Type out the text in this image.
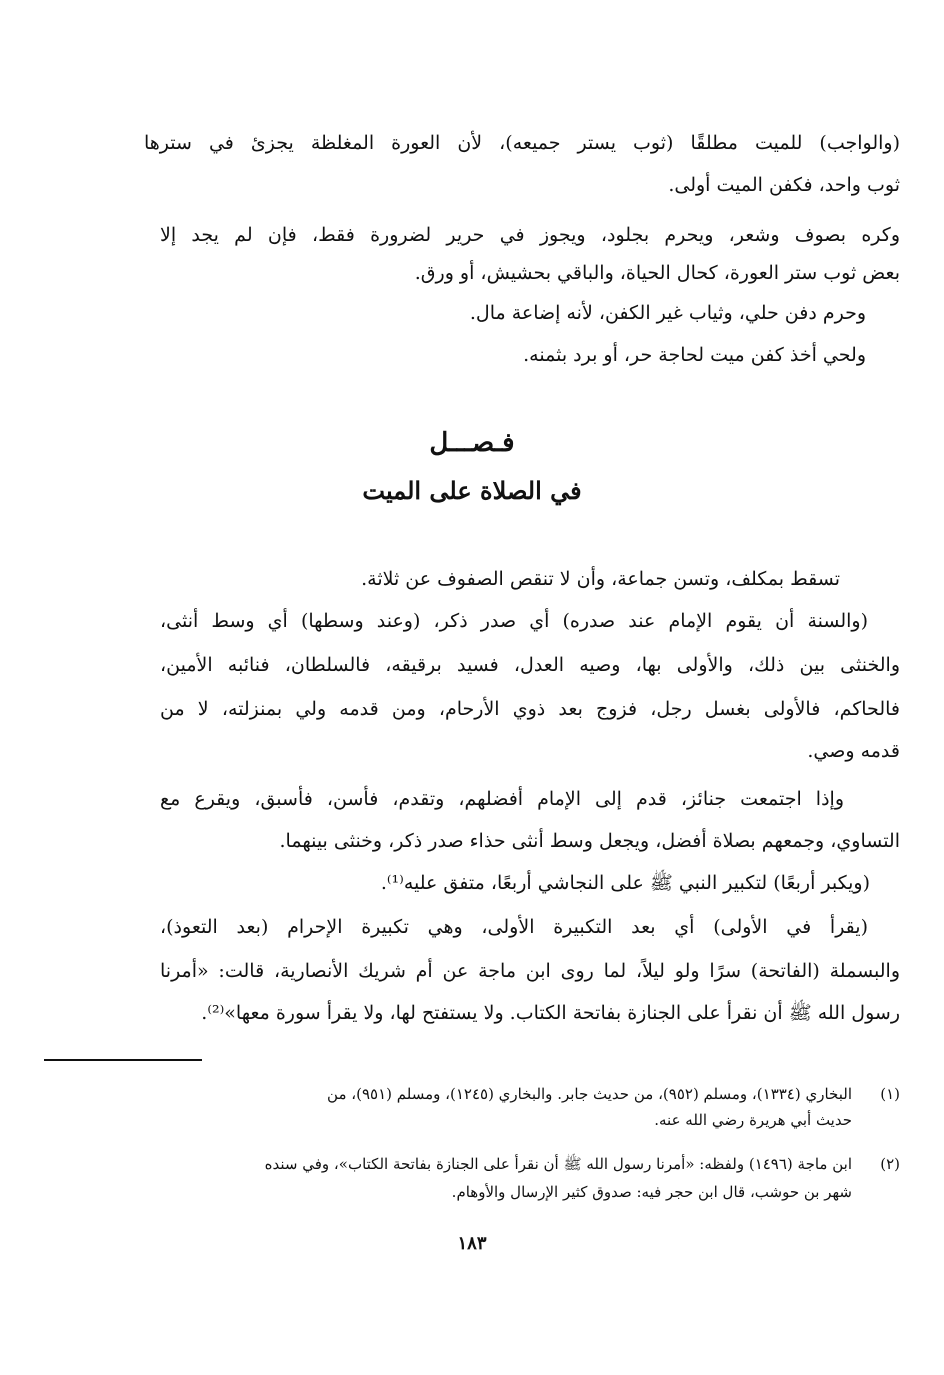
(والواجب) للميت مطلقًا (ثوب يستر جميعه)، لأن العورة المغلظة يجزئ في سترها
ثوب واحد، فكفن الميت أولى.
وكره بصوف وشعر، ويحرم بجلود، ويجوز في حرير لضرورة فقط، فإن لم يجد إلا
بعض ثوب ستر العورة، كحال الحياة، والباقي بحشيش، أو ورق.
وحرم دفن حلي، وثياب غير الكفن، لأنه إضاعة مال.
ولحي أخذ كفن ميت لحاجة حر، أو برد بثمنه.
فـصـــل
في الصلاة على الميت
تسقط بمكلف، وتسن جماعة، وأن لا تنقص الصفوف عن ثلاثة.
(والسنة أن يقوم الإمام عند صدره) أي صدر ذكر، (وعند وسطها) أي وسط أنثى،
والخنثى بين ذلك، والأولى بها، وصيه العدل، فسيد برقيقه، فالسلطان، فنائبه الأمين،
فالحاكم، فالأولى بغسل رجل، فزوج بعد ذوي الأرحام، ومن قدمه ولي بمنزلته، لا من
قدمه وصي.
وإذا اجتمعت جنائز، قدم إلى الإمام أفضلهم، وتقدم، فأسن، فأسبق، ويقرع مع
التساوي، وجمعهم بصلاة أفضل، ويجعل وسط أنثى حذاء صدر ذكر، وخنثى بينهما.
(ويكبر أربعًا) لتكبير النبي ﷺ على النجاشي أربعًا، متفق عليه⁽¹⁾.
(يقرأ في الأولى) أي بعد التكبيرة الأولى، وهي تكبيرة الإحرام (بعد التعوذ)،
والبسملة (الفاتحة) سرًا ولو ليلاً، لما روى ابن ماجة عن أم شريك الأنصارية، قالت: «أمرنا
رسول الله ﷺ أن نقرأ على الجنازة بفاتحة الكتاب. ولا يستفتح لها، ولا يقرأ سورة معها»⁽²⁾.
(١)
البخاري (١٣٣٤)، ومسلم (٩٥٢)، من حديث جابر. والبخاري (١٢٤٥)، ومسلم (٩٥١)، من
حديث أبي هريرة رضي الله عنه.
(٢)
ابن ماجة (١٤٩٦) ولفظه: «أمرنا رسول الله ﷺ أن نقرأ على الجنازة بفاتحة الكتاب»، وفي سنده
شهر بن حوشب، قال ابن حجر فيه: صدوق كثير الإرسال والأوهام.
١٨٣
